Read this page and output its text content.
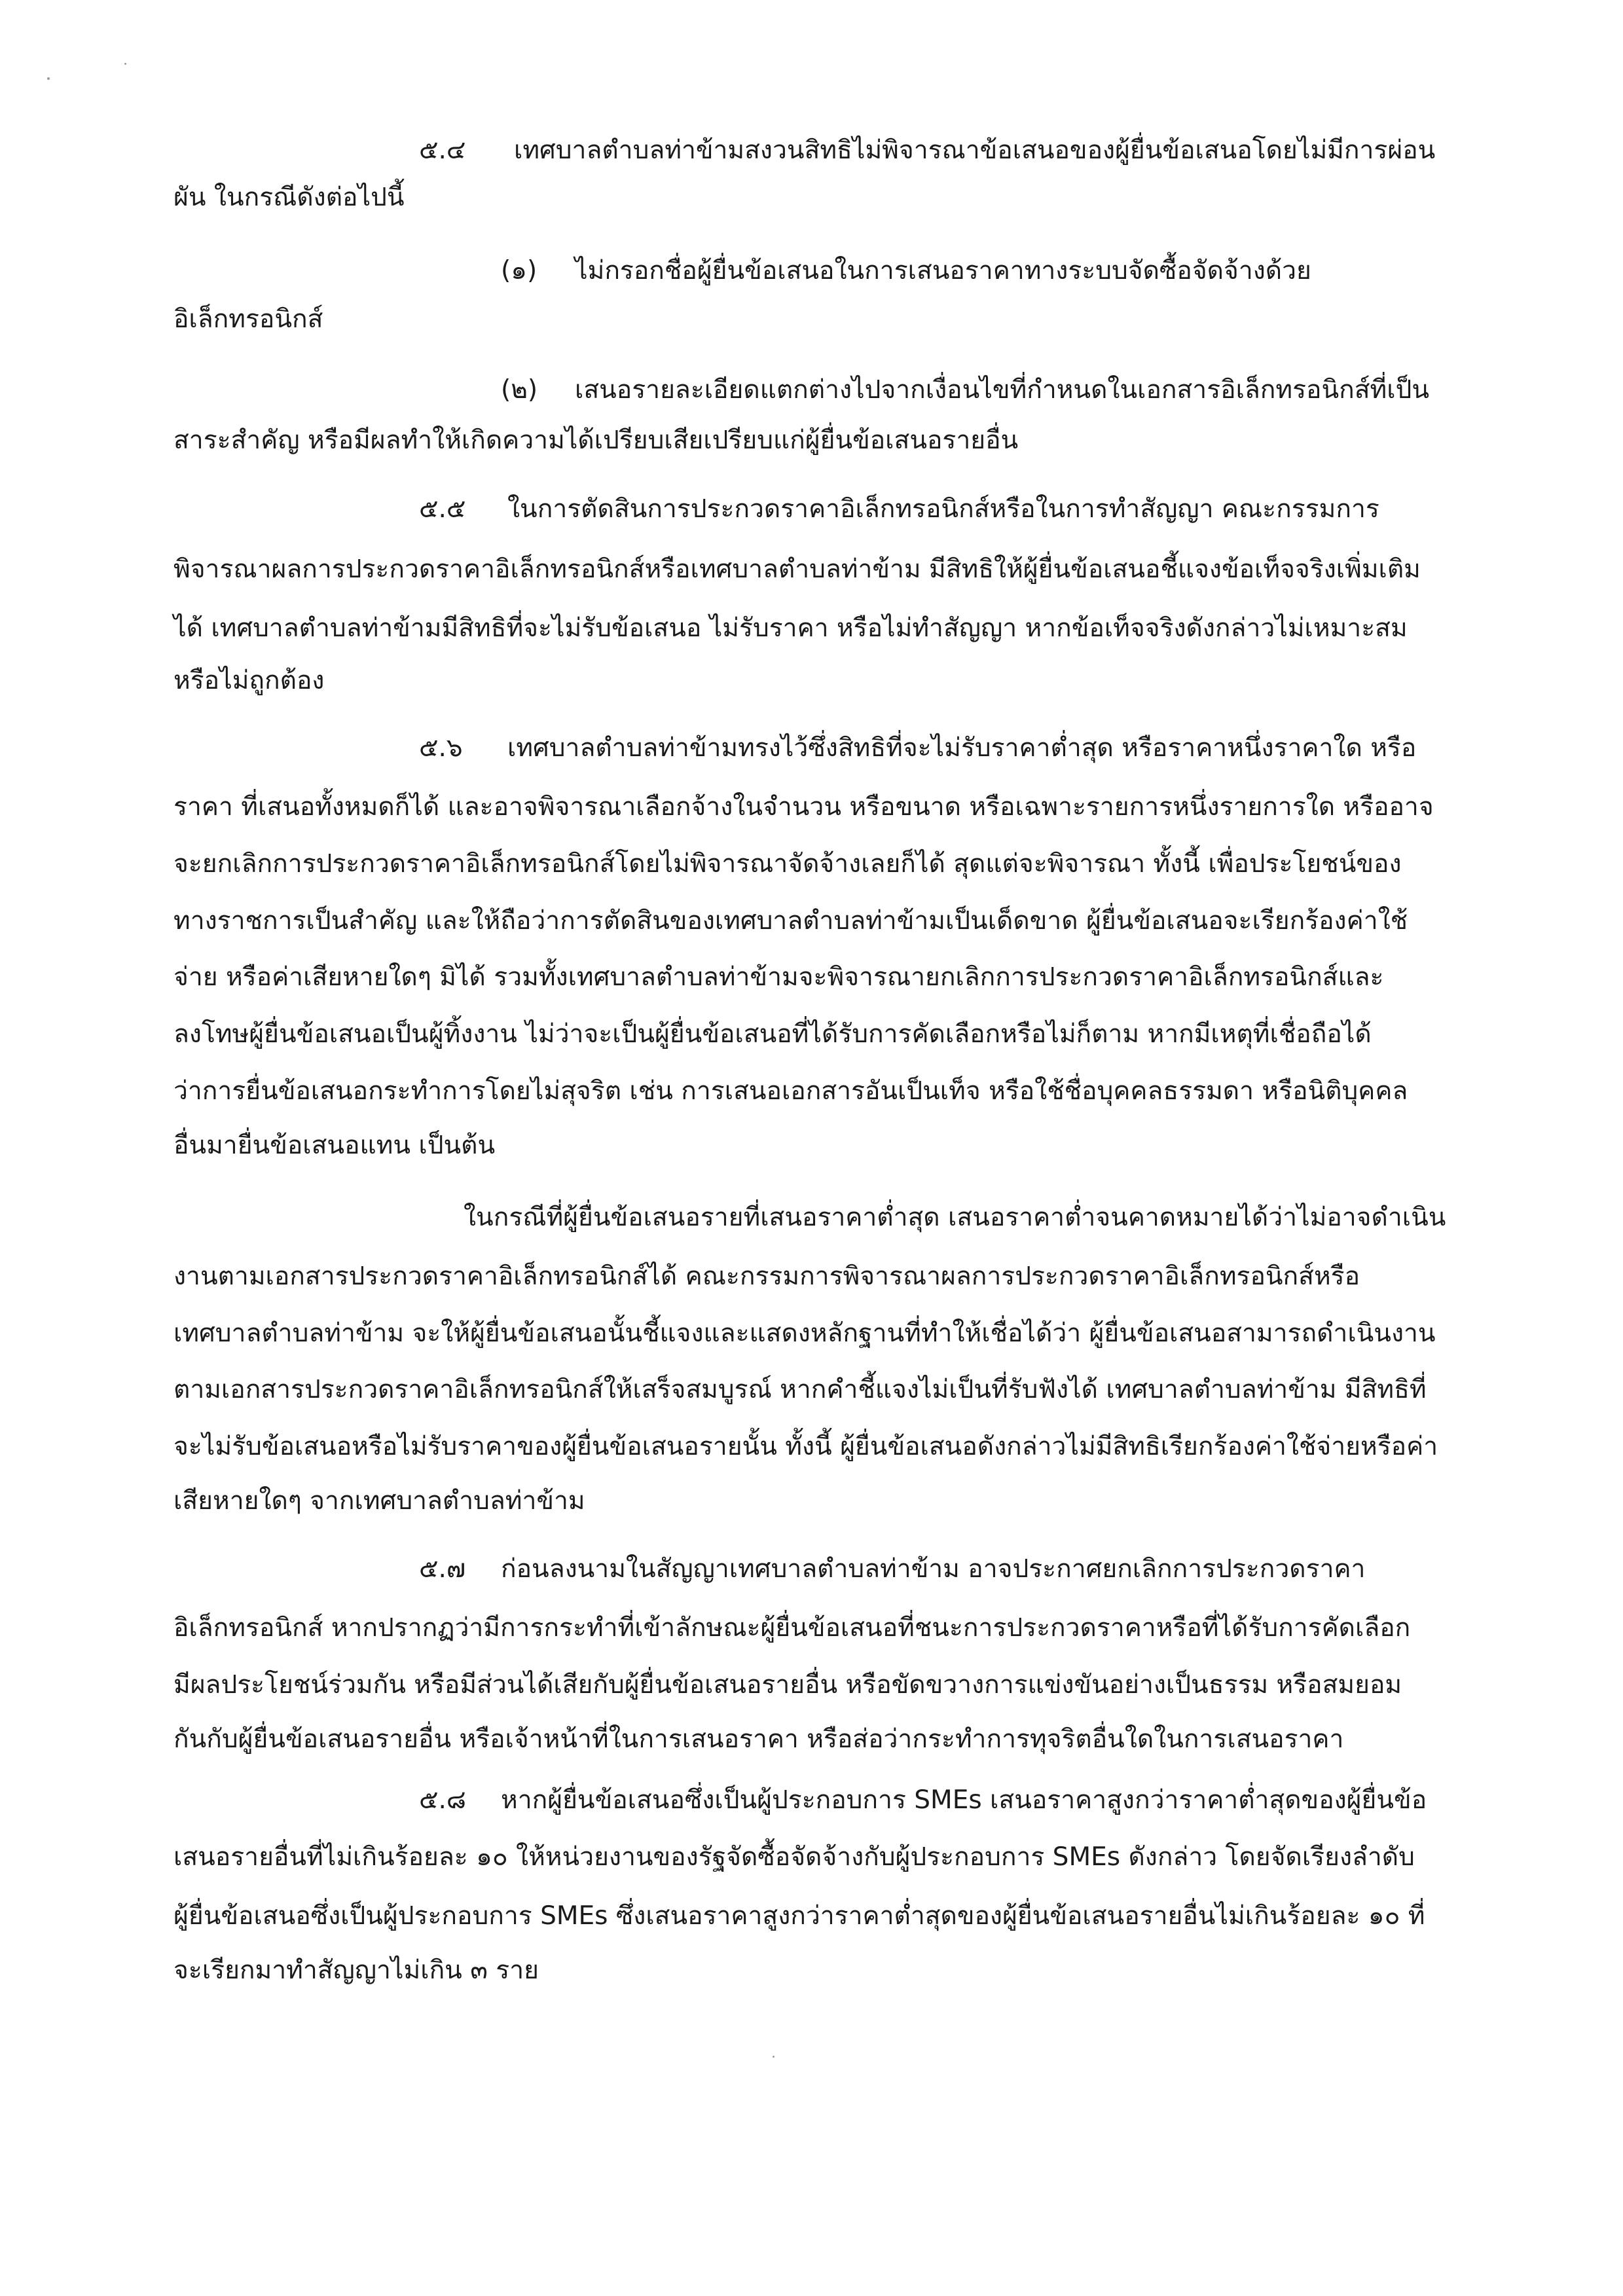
๕.๔ เทศบาลตำบลท่าข้ามสงวนสิทธิไม่พิจารณาข้อเสนอของผู้ยื่นข้อเสนอโดยไม่มีการผ่อน
ผัน ในกรณีดังต่อไปนี้
(๑) ไม่กรอกชื่อผู้ยื่นข้อเสนอในการเสนอราคาทางระบบจัดซื้อจัดจ้างด้วย
อิเล็กทรอนิกส์
(๒) เสนอรายละเอียดแตกต่างไปจากเงื่อนไขที่กำหนดในเอกสารอิเล็กทรอนิกส์ที่เป็น
สาระสำคัญ หรือมีผลทำให้เกิดความได้เปรียบเสียเปรียบแก่ผู้ยื่นข้อเสนอรายอื่น
๕.๕ ในการตัดสินการประกวดราคาอิเล็กทรอนิกส์หรือในการทำสัญญา คณะกรรมการ
พิจารณาผลการประกวดราคาอิเล็กทรอนิกส์หรือเทศบาลตำบลท่าข้าม มีสิทธิให้ผู้ยื่นข้อเสนอชี้แจงข้อเท็จจริงเพิ่มเติม
ได้ เทศบาลตำบลท่าข้ามมีสิทธิที่จะไม่รับข้อเสนอ ไม่รับราคา หรือไม่ทำสัญญา หากข้อเท็จจริงดังกล่าวไม่เหมาะสม
หรือไม่ถูกต้อง
๕.๖ เทศบาลตำบลท่าข้ามทรงไว้ซึ่งสิทธิที่จะไม่รับราคาต่ำสุด หรือราคาหนึ่งราคาใด หรือ
ราคา ที่เสนอทั้งหมดก็ได้ และอาจพิจารณาเลือกจ้างในจำนวน หรือขนาด หรือเฉพาะรายการหนึ่งรายการใด หรืออาจ
จะยกเลิกการประกวดราคาอิเล็กทรอนิกส์โดยไม่พิจารณาจัดจ้างเลยก็ได้ สุดแต่จะพิจารณา ทั้งนี้ เพื่อประโยชน์ของ
ทางราชการเป็นสำคัญ และให้ถือว่าการตัดสินของเทศบาลตำบลท่าข้ามเป็นเด็ดขาด ผู้ยื่นข้อเสนอจะเรียกร้องค่าใช้
จ่าย หรือค่าเสียหายใดๆ มิได้ รวมทั้งเทศบาลตำบลท่าข้ามจะพิจารณายกเลิกการประกวดราคาอิเล็กทรอนิกส์และ
ลงโทษผู้ยื่นข้อเสนอเป็นผู้ทิ้งงาน ไม่ว่าจะเป็นผู้ยื่นข้อเสนอที่ได้รับการคัดเลือกหรือไม่ก็ตาม หากมีเหตุที่เชื่อถือได้
ว่าการยื่นข้อเสนอกระทำการโดยไม่สุจริต เช่น การเสนอเอกสารอันเป็นเท็จ หรือใช้ชื่อบุคคลธรรมดา หรือนิติบุคคล
อื่นมายื่นข้อเสนอแทน เป็นต้น
ในกรณีที่ผู้ยื่นข้อเสนอรายที่เสนอราคาต่ำสุด เสนอราคาต่ำจนคาดหมายได้ว่าไม่อาจดำเนิน
งานตามเอกสารประกวดราคาอิเล็กทรอนิกส์ได้ คณะกรรมการพิจารณาผลการประกวดราคาอิเล็กทรอนิกส์หรือ
เทศบาลตำบลท่าข้าม จะให้ผู้ยื่นข้อเสนอนั้นชี้แจงและแสดงหลักฐานที่ทำให้เชื่อได้ว่า ผู้ยื่นข้อเสนอสามารถดำเนินงาน
ตามเอกสารประกวดราคาอิเล็กทรอนิกส์ให้เสร็จสมบูรณ์ หากคำชี้แจงไม่เป็นที่รับฟังได้ เทศบาลตำบลท่าข้าม มีสิทธิที่
จะไม่รับข้อเสนอหรือไม่รับราคาของผู้ยื่นข้อเสนอรายนั้น ทั้งนี้ ผู้ยื่นข้อเสนอดังกล่าวไม่มีสิทธิเรียกร้องค่าใช้จ่ายหรือค่า
เสียหายใดๆ จากเทศบาลตำบลท่าข้าม
๕.๗ ก่อนลงนามในสัญญาเทศบาลตำบลท่าข้าม อาจประกาศยกเลิกการประกวดราคา
อิเล็กทรอนิกส์ หากปรากฏว่ามีการกระทำที่เข้าลักษณะผู้ยื่นข้อเสนอที่ชนะการประกวดราคาหรือที่ได้รับการคัดเลือก
มีผลประโยชน์ร่วมกัน หรือมีส่วนได้เสียกับผู้ยื่นข้อเสนอรายอื่น หรือขัดขวางการแข่งขันอย่างเป็นธรรม หรือสมยอม
กันกับผู้ยื่นข้อเสนอรายอื่น หรือเจ้าหน้าที่ในการเสนอราคา หรือส่อว่ากระทำการทุจริตอื่นใดในการเสนอราคา
๕.๘ หากผู้ยื่นข้อเสนอซึ่งเป็นผู้ประกอบการ SMEs เสนอราคาสูงกว่าราคาต่ำสุดของผู้ยื่นข้อ
เสนอรายอื่นที่ไม่เกินร้อยละ ๑๐ ให้หน่วยงานของรัฐจัดซื้อจัดจ้างกับผู้ประกอบการ SMEs ดังกล่าว โดยจัดเรียงลำดับ
ผู้ยื่นข้อเสนอซึ่งเป็นผู้ประกอบการ SMEs ซึ่งเสนอราคาสูงกว่าราคาต่ำสุดของผู้ยื่นข้อเสนอรายอื่นไม่เกินร้อยละ ๑๐ ที่
จะเรียกมาทำสัญญาไม่เกิน ๓ ราย
